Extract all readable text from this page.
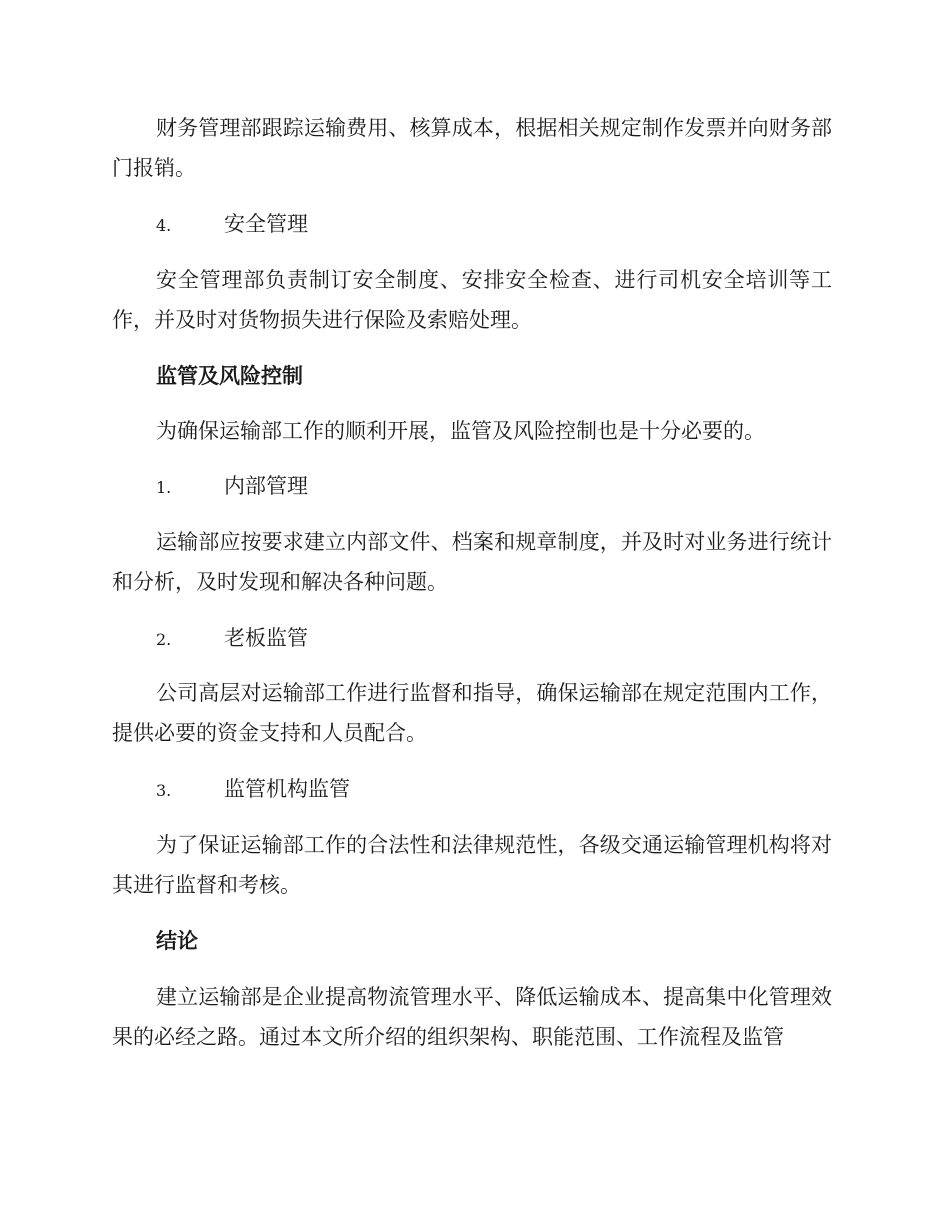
财务管理部跟踪运输费用、核算成本，根据相关规定制作发票并向财务部门报销。

4.	安全管理

安全管理部负责制订安全制度、安排安全检查、进行司机安全培训等工作，并及时对货物损失进行保险及索赔处理。

监管及风险控制

为确保运输部工作的顺利开展，监管及风险控制也是十分必要的。

1.	内部管理

运输部应按要求建立内部文件、档案和规章制度，并及时对业务进行统计和分析，及时发现和解决各种问题。

2.	老板监管

公司高层对运输部工作进行监督和指导，确保运输部在规定范围内工作，提供必要的资金支持和人员配合。

3.	监管机构监管

为了保证运输部工作的合法性和法律规范性，各级交通运输管理机构将对其进行监督和考核。

结论

建立运输部是企业提高物流管理水平、降低运输成本、提高集中化管理效果的必经之路。通过本文所介绍的组织架构、职能范围、工作流程及监管
